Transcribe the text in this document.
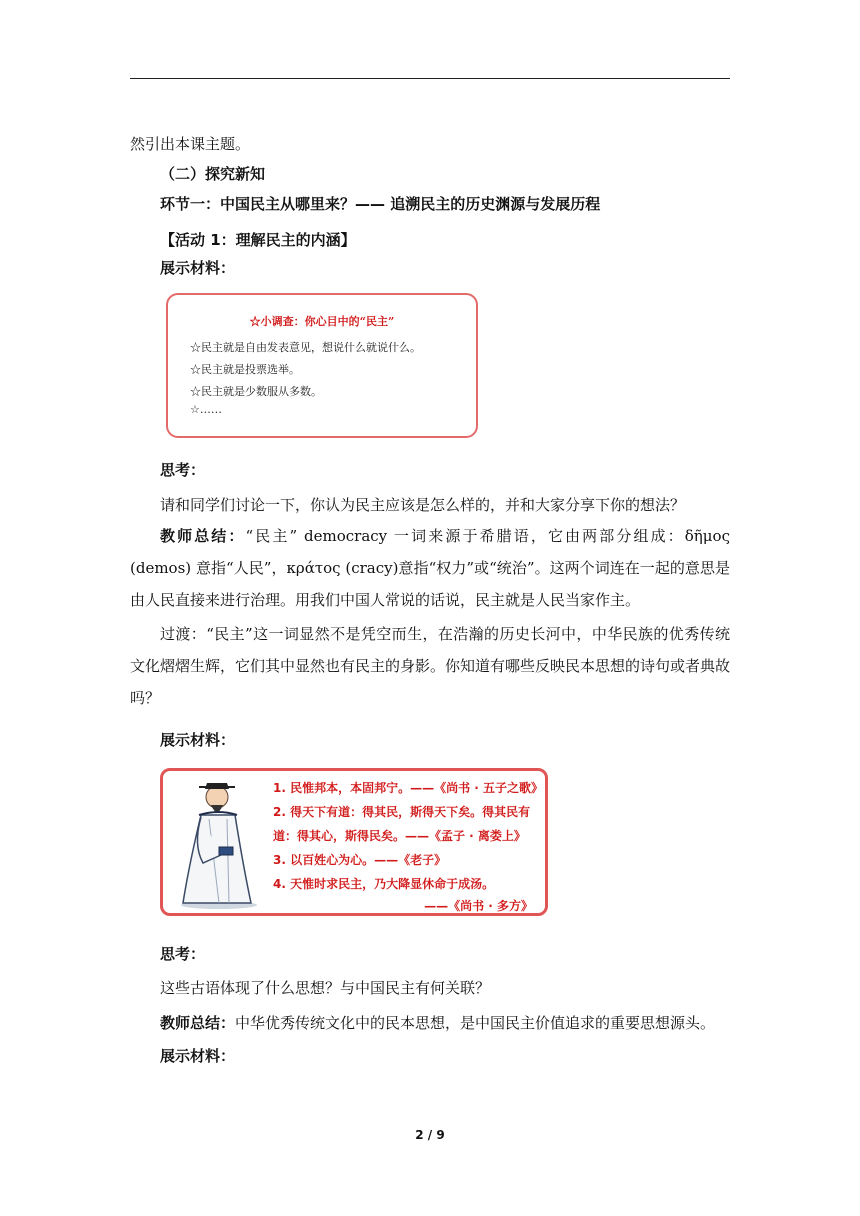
然引出本课主题。
（二）探究新知
环节一：中国民主从哪里来？—— 追溯民主的历史渊源与发展历程
【活动 1：理解民主的内涵】
展示材料：
☆小调查：你心目中的“民主”
☆民主就是自由发表意见，想说什么就说什么。
☆民主就是投票选举。
☆民主就是少数服从多数。
☆……
思考：
请和同学们讨论一下，你认为民主应该是怎么样的，并和大家分享下你的想法？
教师总结：“民主” democracy 一词来源于希腊语，它由两部分组成：δῆμος (demos) 意指“人民”，κράτος (cracy)意指“权力”或“统治”。这两个词连在一起的意思是由人民直接来进行治理。用我们中国人常说的话说，民主就是人民当家作主。
过渡：“民主”这一词显然不是凭空而生，在浩瀚的历史长河中，中华民族的优秀传统文化熠熠生辉，它们其中显然也有民主的身影。你知道有哪些反映民本思想的诗句或者典故吗？
展示材料：
1. 民惟邦本，本固邦宁。——《尚书 · 五子之歌》
2. 得天下有道：得其民，斯得天下矣。得其民有
道：得其心，斯得民矣。——《孟子 · 离娄上》
3. 以百姓心为心。——《老子》
4. 天惟时求民主，乃大降显休命于成汤。
——《尚书 · 多方》
思考：
这些古语体现了什么思想？与中国民主有何关联？
教师总结：中华优秀传统文化中的民本思想，是中国民主价值追求的重要思想源头。
展示材料：
2 / 9
